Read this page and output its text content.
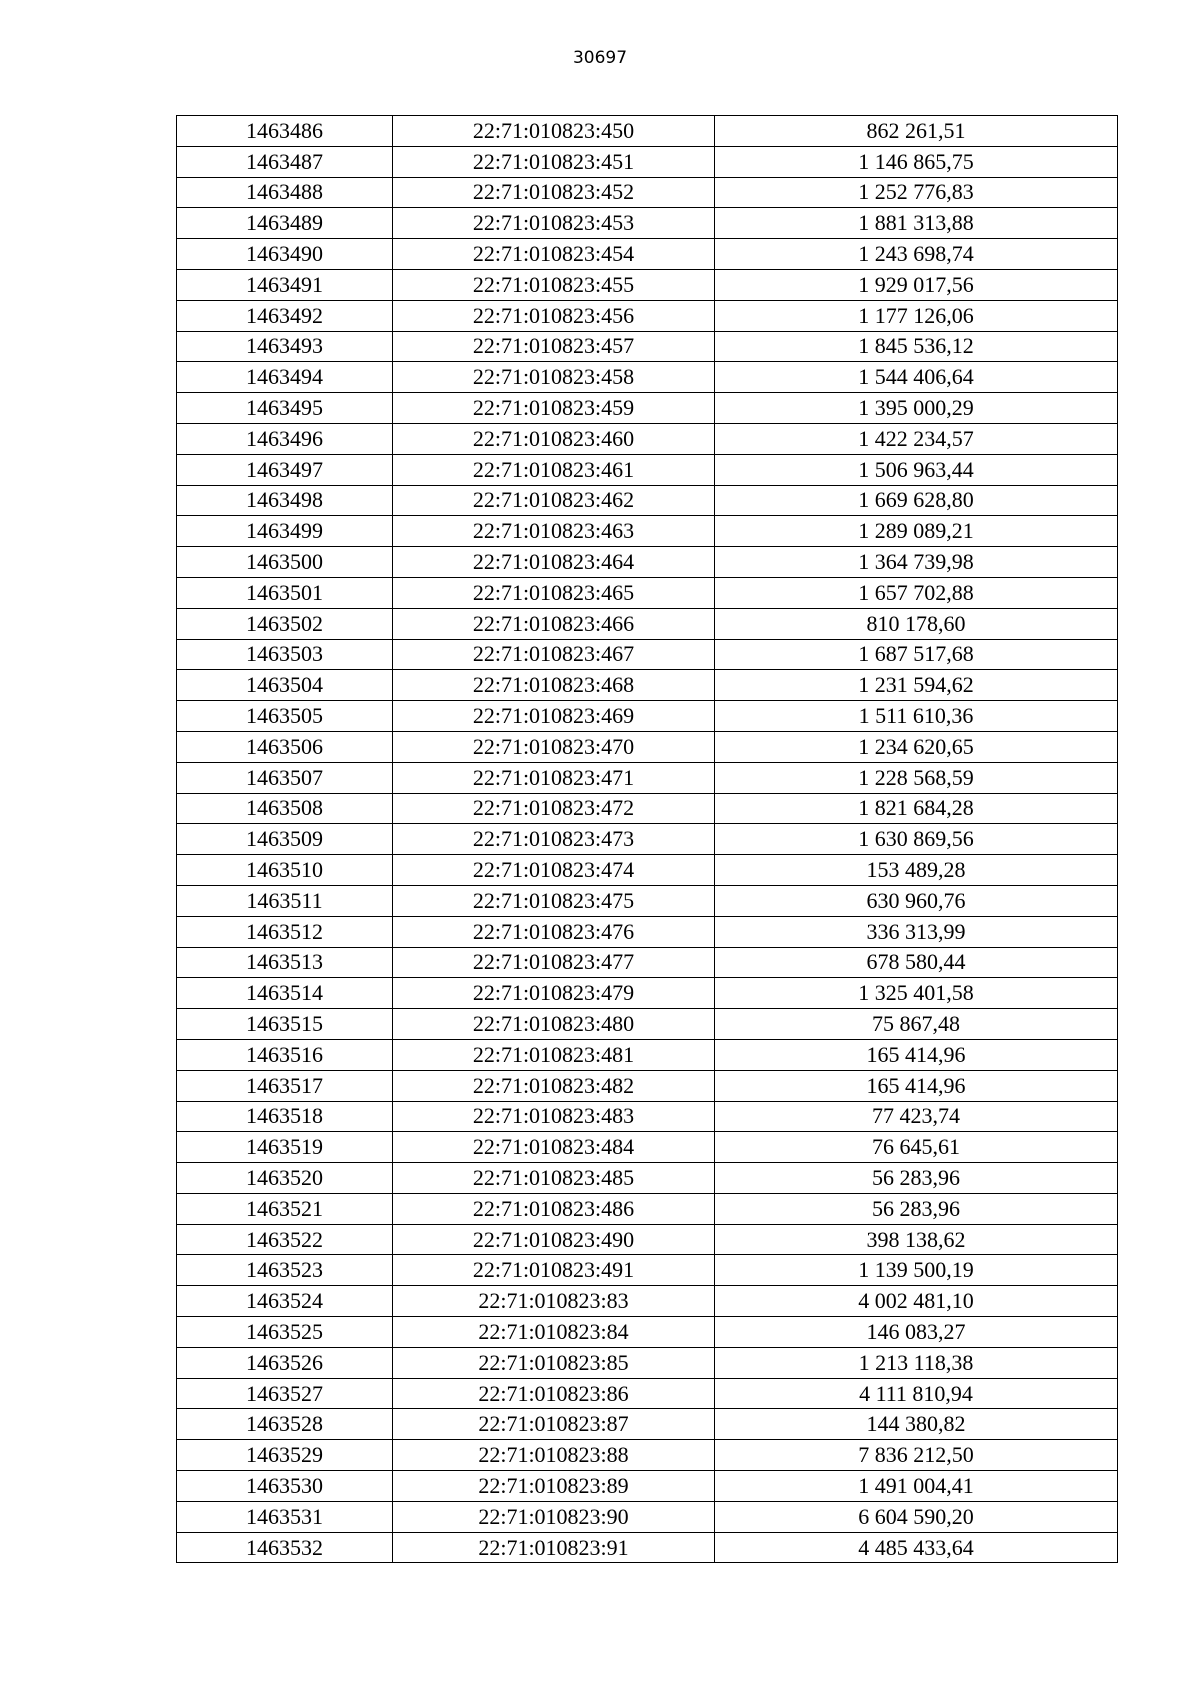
30697
1463486	22:71:010823:450	862 261,51
1463487	22:71:010823:451	1 146 865,75
1463488	22:71:010823:452	1 252 776,83
1463489	22:71:010823:453	1 881 313,88
1463490	22:71:010823:454	1 243 698,74
1463491	22:71:010823:455	1 929 017,56
1463492	22:71:010823:456	1 177 126,06
1463493	22:71:010823:457	1 845 536,12
1463494	22:71:010823:458	1 544 406,64
1463495	22:71:010823:459	1 395 000,29
1463496	22:71:010823:460	1 422 234,57
1463497	22:71:010823:461	1 506 963,44
1463498	22:71:010823:462	1 669 628,80
1463499	22:71:010823:463	1 289 089,21
1463500	22:71:010823:464	1 364 739,98
1463501	22:71:010823:465	1 657 702,88
1463502	22:71:010823:466	810 178,60
1463503	22:71:010823:467	1 687 517,68
1463504	22:71:010823:468	1 231 594,62
1463505	22:71:010823:469	1 511 610,36
1463506	22:71:010823:470	1 234 620,65
1463507	22:71:010823:471	1 228 568,59
1463508	22:71:010823:472	1 821 684,28
1463509	22:71:010823:473	1 630 869,56
1463510	22:71:010823:474	153 489,28
1463511	22:71:010823:475	630 960,76
1463512	22:71:010823:476	336 313,99
1463513	22:71:010823:477	678 580,44
1463514	22:71:010823:479	1 325 401,58
1463515	22:71:010823:480	75 867,48
1463516	22:71:010823:481	165 414,96
1463517	22:71:010823:482	165 414,96
1463518	22:71:010823:483	77 423,74
1463519	22:71:010823:484	76 645,61
1463520	22:71:010823:485	56 283,96
1463521	22:71:010823:486	56 283,96
1463522	22:71:010823:490	398 138,62
1463523	22:71:010823:491	1 139 500,19
1463524	22:71:010823:83	4 002 481,10
1463525	22:71:010823:84	146 083,27
1463526	22:71:010823:85	1 213 118,38
1463527	22:71:010823:86	4 111 810,94
1463528	22:71:010823:87	144 380,82
1463529	22:71:010823:88	7 836 212,50
1463530	22:71:010823:89	1 491 004,41
1463531	22:71:010823:90	6 604 590,20
1463532	22:71:010823:91	4 485 433,64
